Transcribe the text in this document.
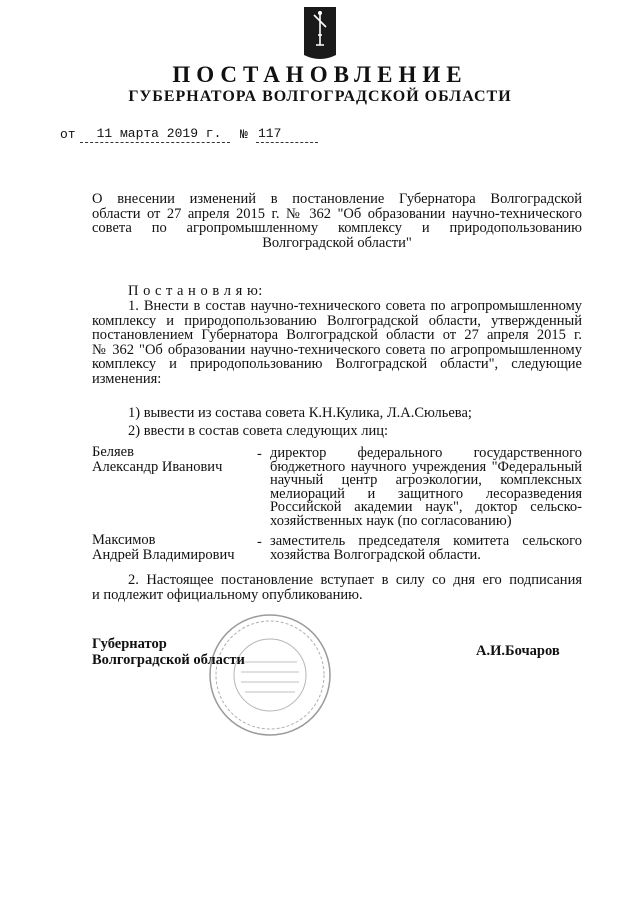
ПОСТАНОВЛЕНИЕ
ГУБЕРНАТОРА ВОЛГОГРАДСКОЙ ОБЛАСТИ
от	11 марта 2019 г.	№ 117
О внесении изменений в постановление Губернатора Волгоградской
области от 27 апреля 2015 г. № 362 "Об образовании научно-технического
совета по агропромышленному комплексу и природопользованию
Волгоградской области"
П о с т а н о в л я ю:
1. Внести в состав научно-технического совета по агропромышленному
комплексу и природопользованию Волгоградской области, утвержденный
постановлением Губернатора Волгоградской области от 27 апреля 2015 г.
№ 362 "Об образовании научно-технического совета по агропромышленному
комплексу и природопользованию Волгоградской области", следующие
изменения:
1) вывести из состава совета К.Н.Кулика, Л.А.Сюльева;
2) ввести в состав совета следующих лиц:
Беляев
Александр Иванович
- директор федерального государственного
бюджетного научного учреждения "Федеральный
научный центр агроэкологии, комплексных
мелиораций и защитного лесоразведения
Российской академии наук", доктор сельско-
хозяйственных наук (по согласованию)
Максимов
Андрей Владимирович
- заместитель председателя комитета сельского
хозяйства Волгоградской области.
2. Настоящее постановление вступает в силу со дня его подписания
и подлежит официальному опубликованию.
Губернатор
Волгоградской области
А.И.Бочаров
